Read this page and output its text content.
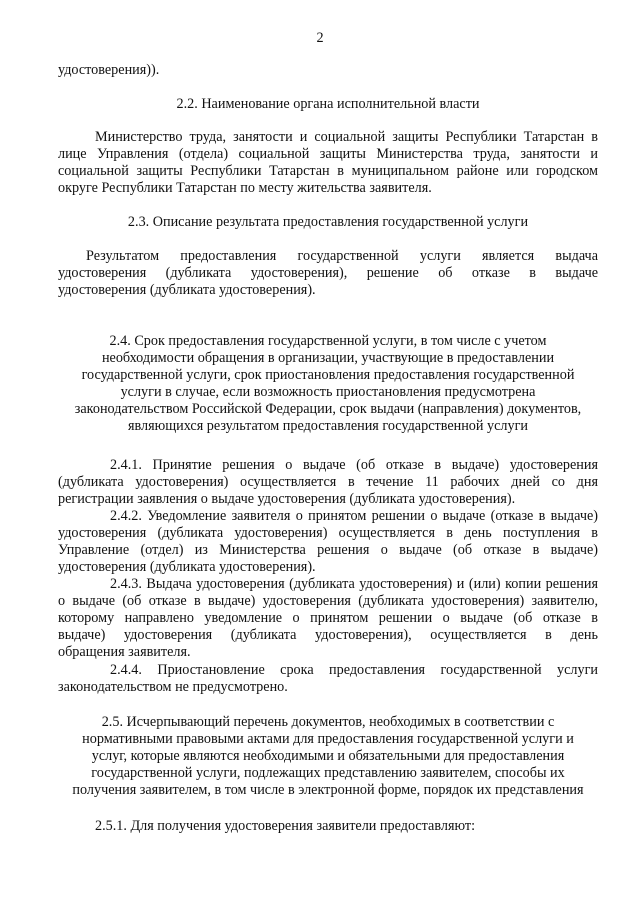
2
удостоверения)).
2.2. Наименование органа исполнительной власти
Министерство труда, занятости и социальной защиты Республики Татарстан в
лице Управления (отдела) социальной защиты Министерства труда, занятости и
социальной защиты Республики Татарстан в муниципальном районе или городском
округе Республики Татарстан по месту жительства заявителя.
2.3. Описание результата предоставления государственной услуги
Результатом предоставления государственной услуги является выдача
удостоверения (дубликата удостоверения), решение об отказе в выдаче
удостоверения (дубликата удостоверения).
2.4. Срок предоставления государственной услуги, в том числе с учетом
необходимости обращения в организации, участвующие в предоставлении
государственной услуги, срок приостановления предоставления государственной
услуги в случае, если возможность приостановления предусмотрена
законодательством Российской Федерации, срок выдачи (направления) документов,
являющихся результатом предоставления государственной услуги
2.4.1. Принятие решения о выдаче (об отказе в выдаче) удостоверения
(дубликата удостоверения) осуществляется в течение 11 рабочих дней со дня
регистрации заявления о выдаче удостоверения (дубликата удостоверения).
2.4.2. Уведомление заявителя о принятом решении о выдаче (отказе в выдаче)
удостоверения (дубликата удостоверения) осуществляется в день поступления в
Управление (отдел) из Министерства решения о выдаче (об отказе в выдаче)
удостоверения (дубликата удостоверения).
2.4.3. Выдача удостоверения (дубликата удостоверения) и (или) копии решения
о выдаче (об отказе в выдаче) удостоверения (дубликата удостоверения) заявителю,
которому направлено уведомление о принятом решении о выдаче (об отказе в
выдаче) удостоверения (дубликата удостоверения), осуществляется в день
обращения заявителя.
2.4.4. Приостановление срока предоставления государственной услуги
законодательством не предусмотрено.
2.5. Исчерпывающий перечень документов, необходимых в соответствии с
нормативными правовыми актами для предоставления государственной услуги и
услуг, которые являются необходимыми и обязательными для предоставления
государственной услуги, подлежащих представлению заявителем, способы их
получения заявителем, в том числе в электронной форме, порядок их представления
2.5.1. Для получения удостоверения заявители предоставляют:
